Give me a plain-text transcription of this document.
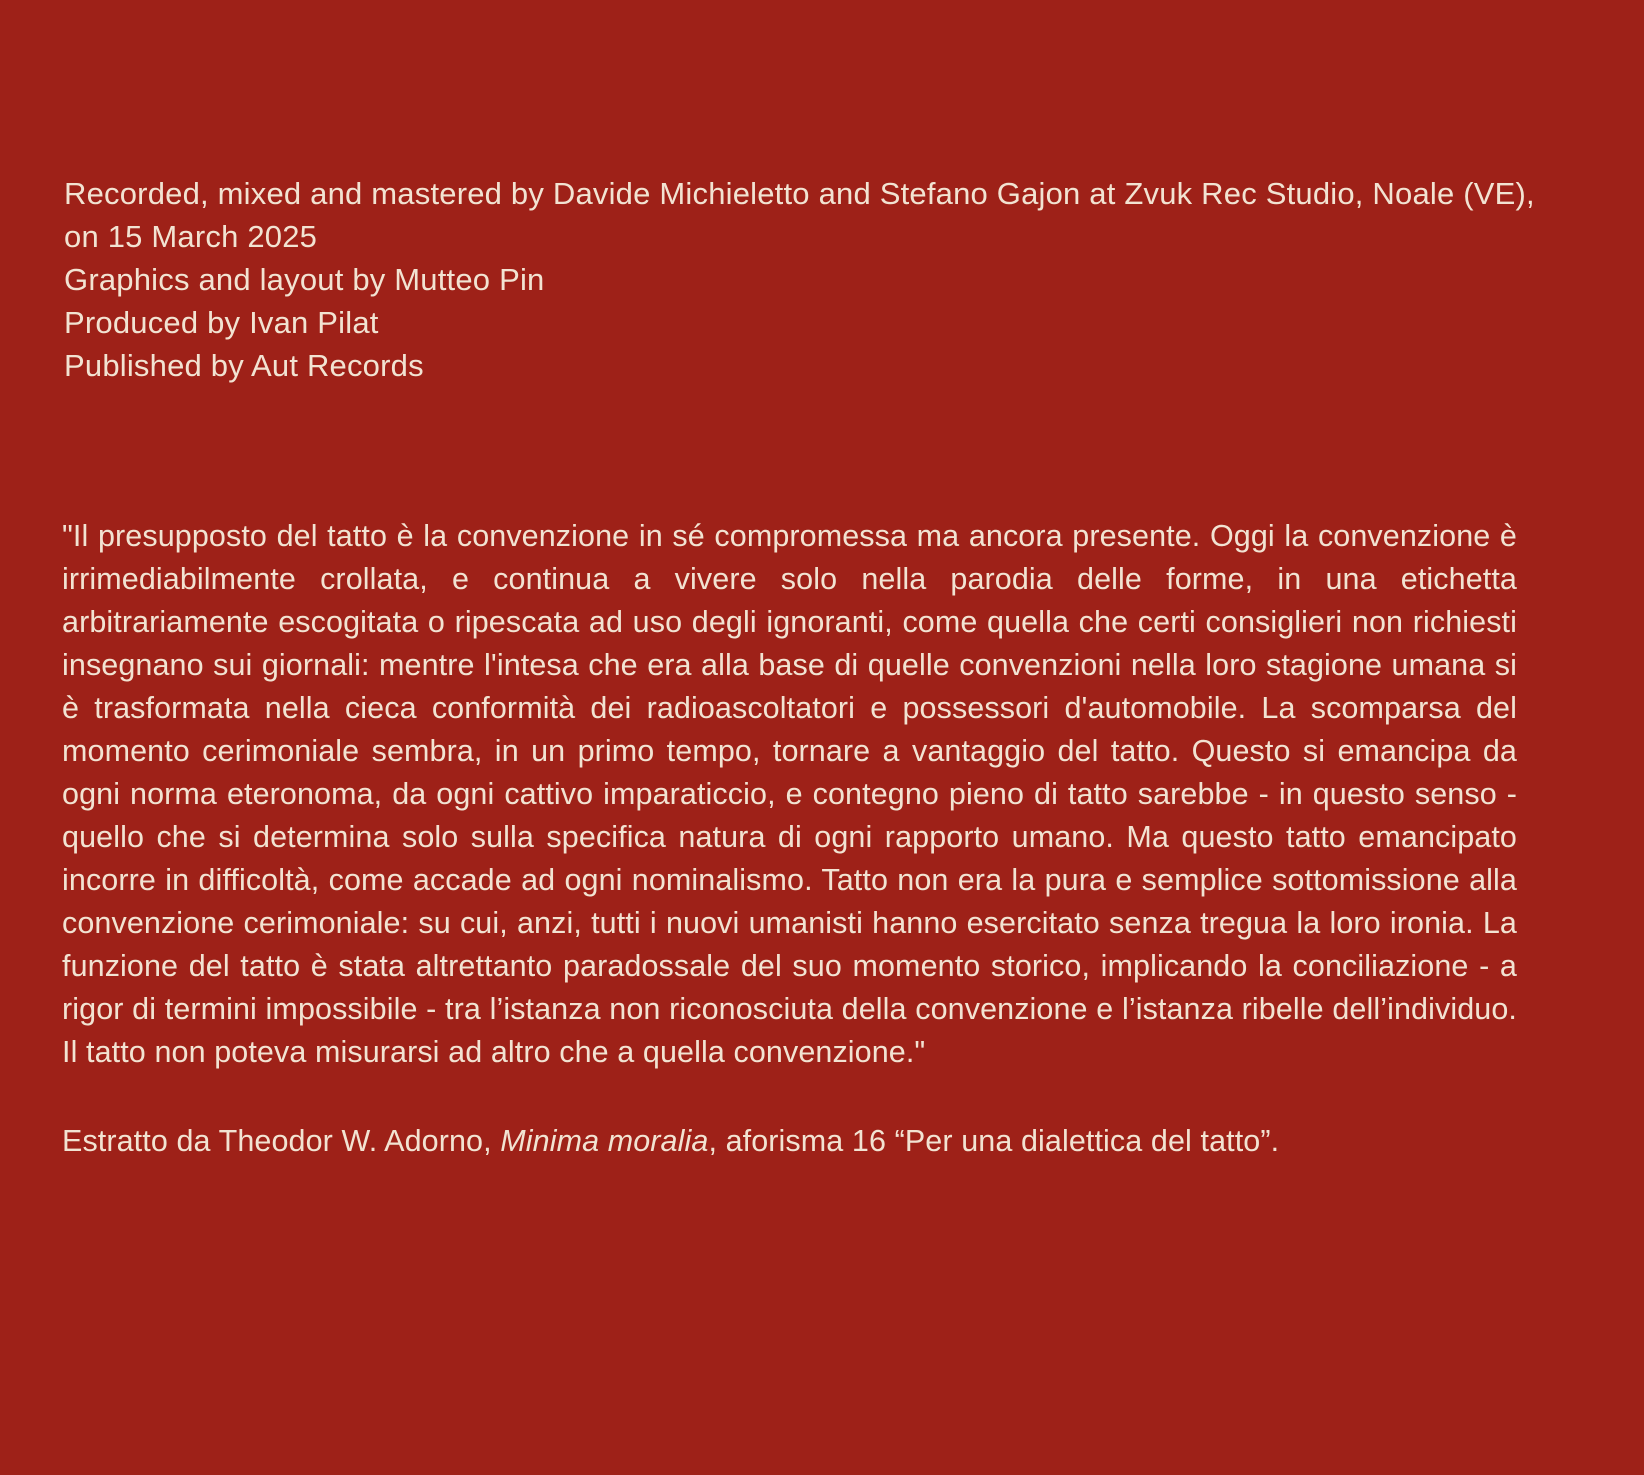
Recorded, mixed and mastered by Davide Michieletto and Stefano Gajon at Zvuk Rec Studio, Noale (VE), on 15 March 2025
Graphics and layout by Mutteo Pin
Produced by Ivan Pilat
Published by Aut Records

"Il presupposto del tatto è la convenzione in sé compromessa ma ancora presente. Oggi la convenzione è irrimediabilmente crollata, e continua a vivere solo nella parodia delle forme, in una etichetta arbitrariamente escogitata o ripescata ad uso degli ignoranti, come quella che certi consiglieri non richiesti insegnano sui giornali: mentre l'intesa che era alla base di quelle convenzioni nella loro stagione umana si è trasformata nella cieca conformità dei radioascoltatori e possessori d'automobile. La scomparsa del momento cerimoniale sembra, in un primo tempo, tornare a vantaggio del tatto. Questo si emancipa da ogni norma eteronoma, da ogni cattivo imparaticcio, e contegno pieno di tatto sarebbe - in questo senso - quello che si determina solo sulla specifica natura di ogni rapporto umano. Ma questo tatto emancipato incorre in difficoltà, come accade ad ogni nominalismo. Tatto non era la pura e semplice sottomissione alla convenzione cerimoniale: su cui, anzi, tutti i nuovi umanisti hanno esercitato senza tregua la loro ironia. La funzione del tatto è stata altrettanto paradossale del suo momento storico, implicando la conciliazione - a rigor di termini impossibile - tra l’istanza non riconosciuta della convenzione e l’istanza ribelle dell’individuo. Il tatto non poteva misurarsi ad altro che a quella convenzione."

Estratto da Theodor W. Adorno, Minima moralia, aforisma 16 “Per una dialettica del tatto”.
